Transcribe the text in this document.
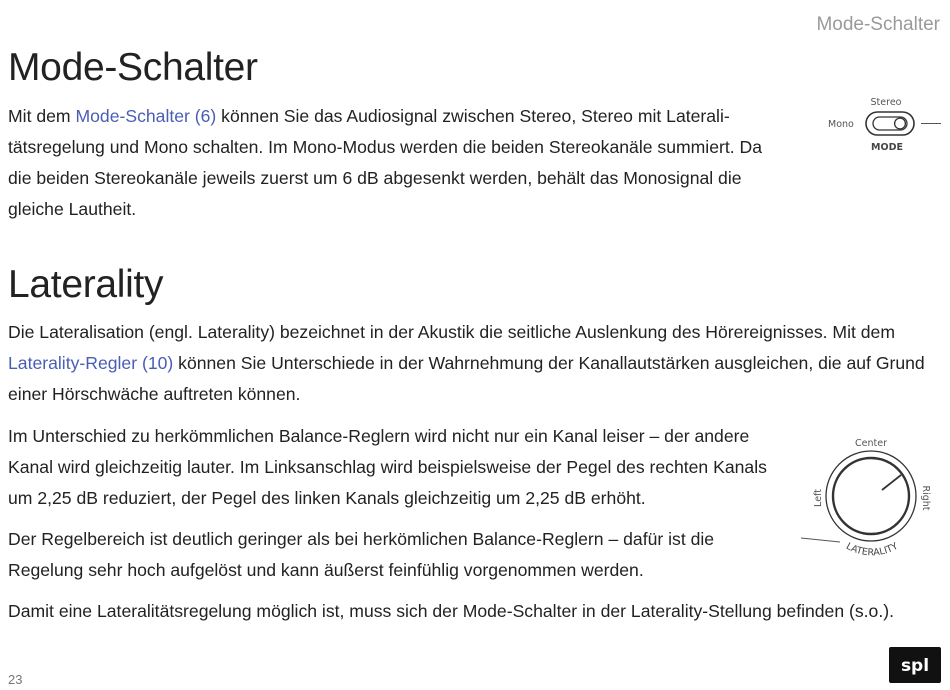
Mode-Schalter
Mode-Schalter

Mit dem Mode-Schalter (6) können Sie das Audiosignal zwischen Stereo, Stereo mit Lateralitätsregelung und Mono schalten. Im Mono-Modus werden die beiden Stereokanäle summiert. Da die beiden Stereokanäle jeweils zuerst um 6 dB abgesenkt werden, behält das Monosignal die gleiche Lautheit.

Stereo
Mono
MODE
Laterality

Die Lateralisation (engl. Laterality) bezeichnet in der Akustik die seitliche Auslenkung des Hörereignisses. Mit dem Laterality-Regler (10) können Sie Unterschiede in der Wahrnehmung der Kanallautstärken ausgleichen, die auf Grund einer Hörschwäche auftreten können.

Im Unterschied zu herkömmlichen Balance-Reglern wird nicht nur ein Kanal leiser – der andere Kanal wird gleichzeitig lauter. Im Linksanschlag wird beispielsweise der Pegel des rechten Kanals um 2,25 dB reduziert, der Pegel des linken Kanals gleichzeitig um 2,25 dB erhöht.

Der Regelbereich ist deutlich geringer als bei herkömlichen Balance-Reglern – dafür ist die Regelung sehr hoch aufgelöst und kann äußerst feinfühlig vorgenommen werden.

Damit eine Lateralitätsregelung möglich ist, muss sich der Mode-Schalter in der Laterality-Stellung befinden (s.o.).

Center
Left	Right
LATERALITY
23
spl
